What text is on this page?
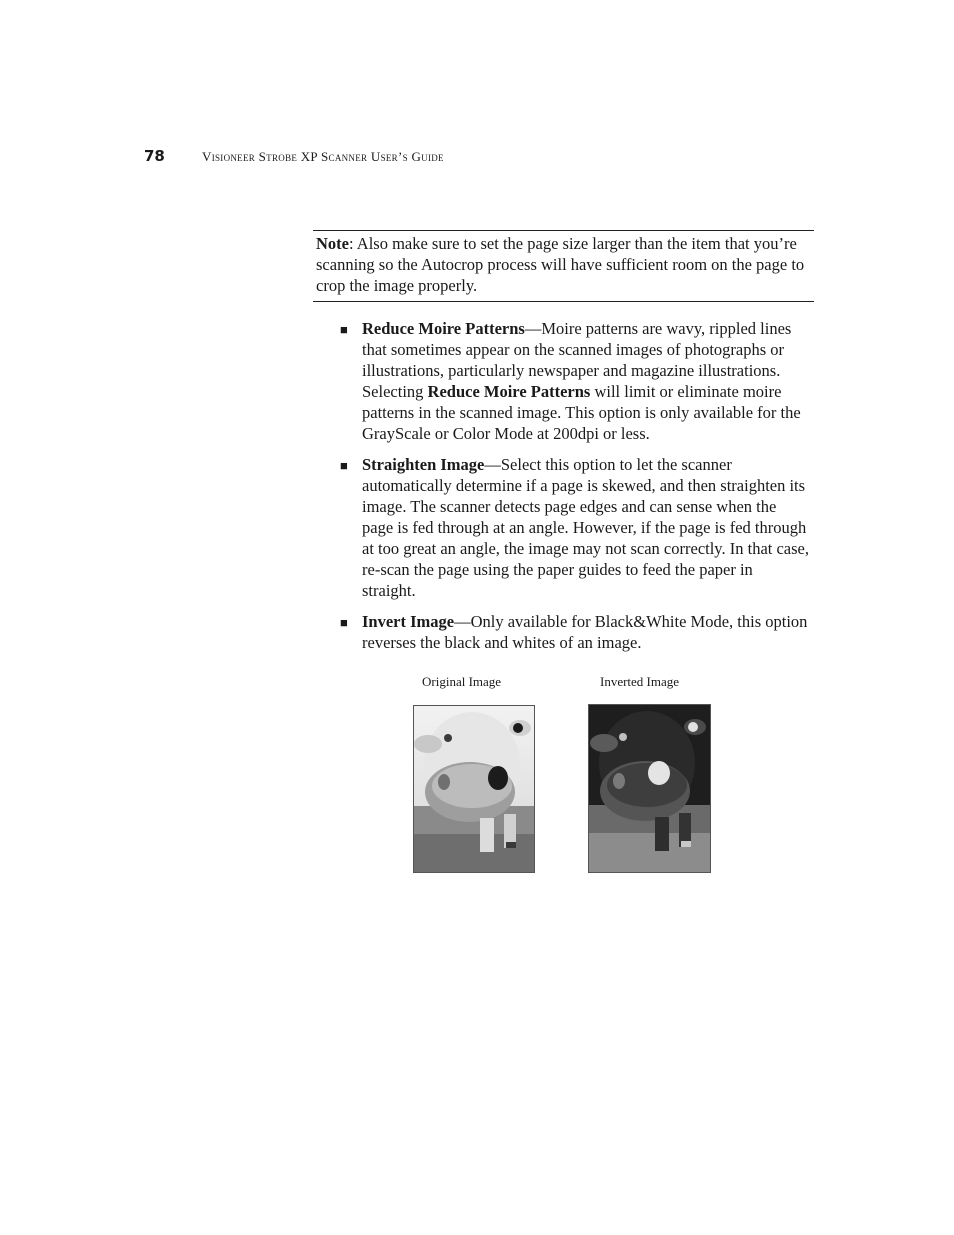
78	Visioneer Strobe XP Scanner User’s Guide
Note: Also make sure to set the page size larger than the item that you’re scanning so the Autocrop process will have sufficient room on the page to crop the image properly.
■ Reduce Moire Patterns—Moire patterns are wavy, rippled lines that sometimes appear on the scanned images of photographs or illustrations, particularly newspaper and magazine illustrations. Selecting Reduce Moire Patterns will limit or eliminate moire patterns in the scanned image. This option is only available for the GrayScale or Color Mode at 200dpi or less.
■ Straighten Image—Select this option to let the scanner automatically determine if a page is skewed, and then straighten its image. The scanner detects page edges and can sense when the page is fed through at an angle. However, if the page is fed through at too great an angle, the image may not scan correctly. In that case, re-scan the page using the paper guides to feed the paper in straight.
■ Invert Image—Only available for Black&White Mode, this option reverses the black and whites of an image.
Original Image	Inverted Image
